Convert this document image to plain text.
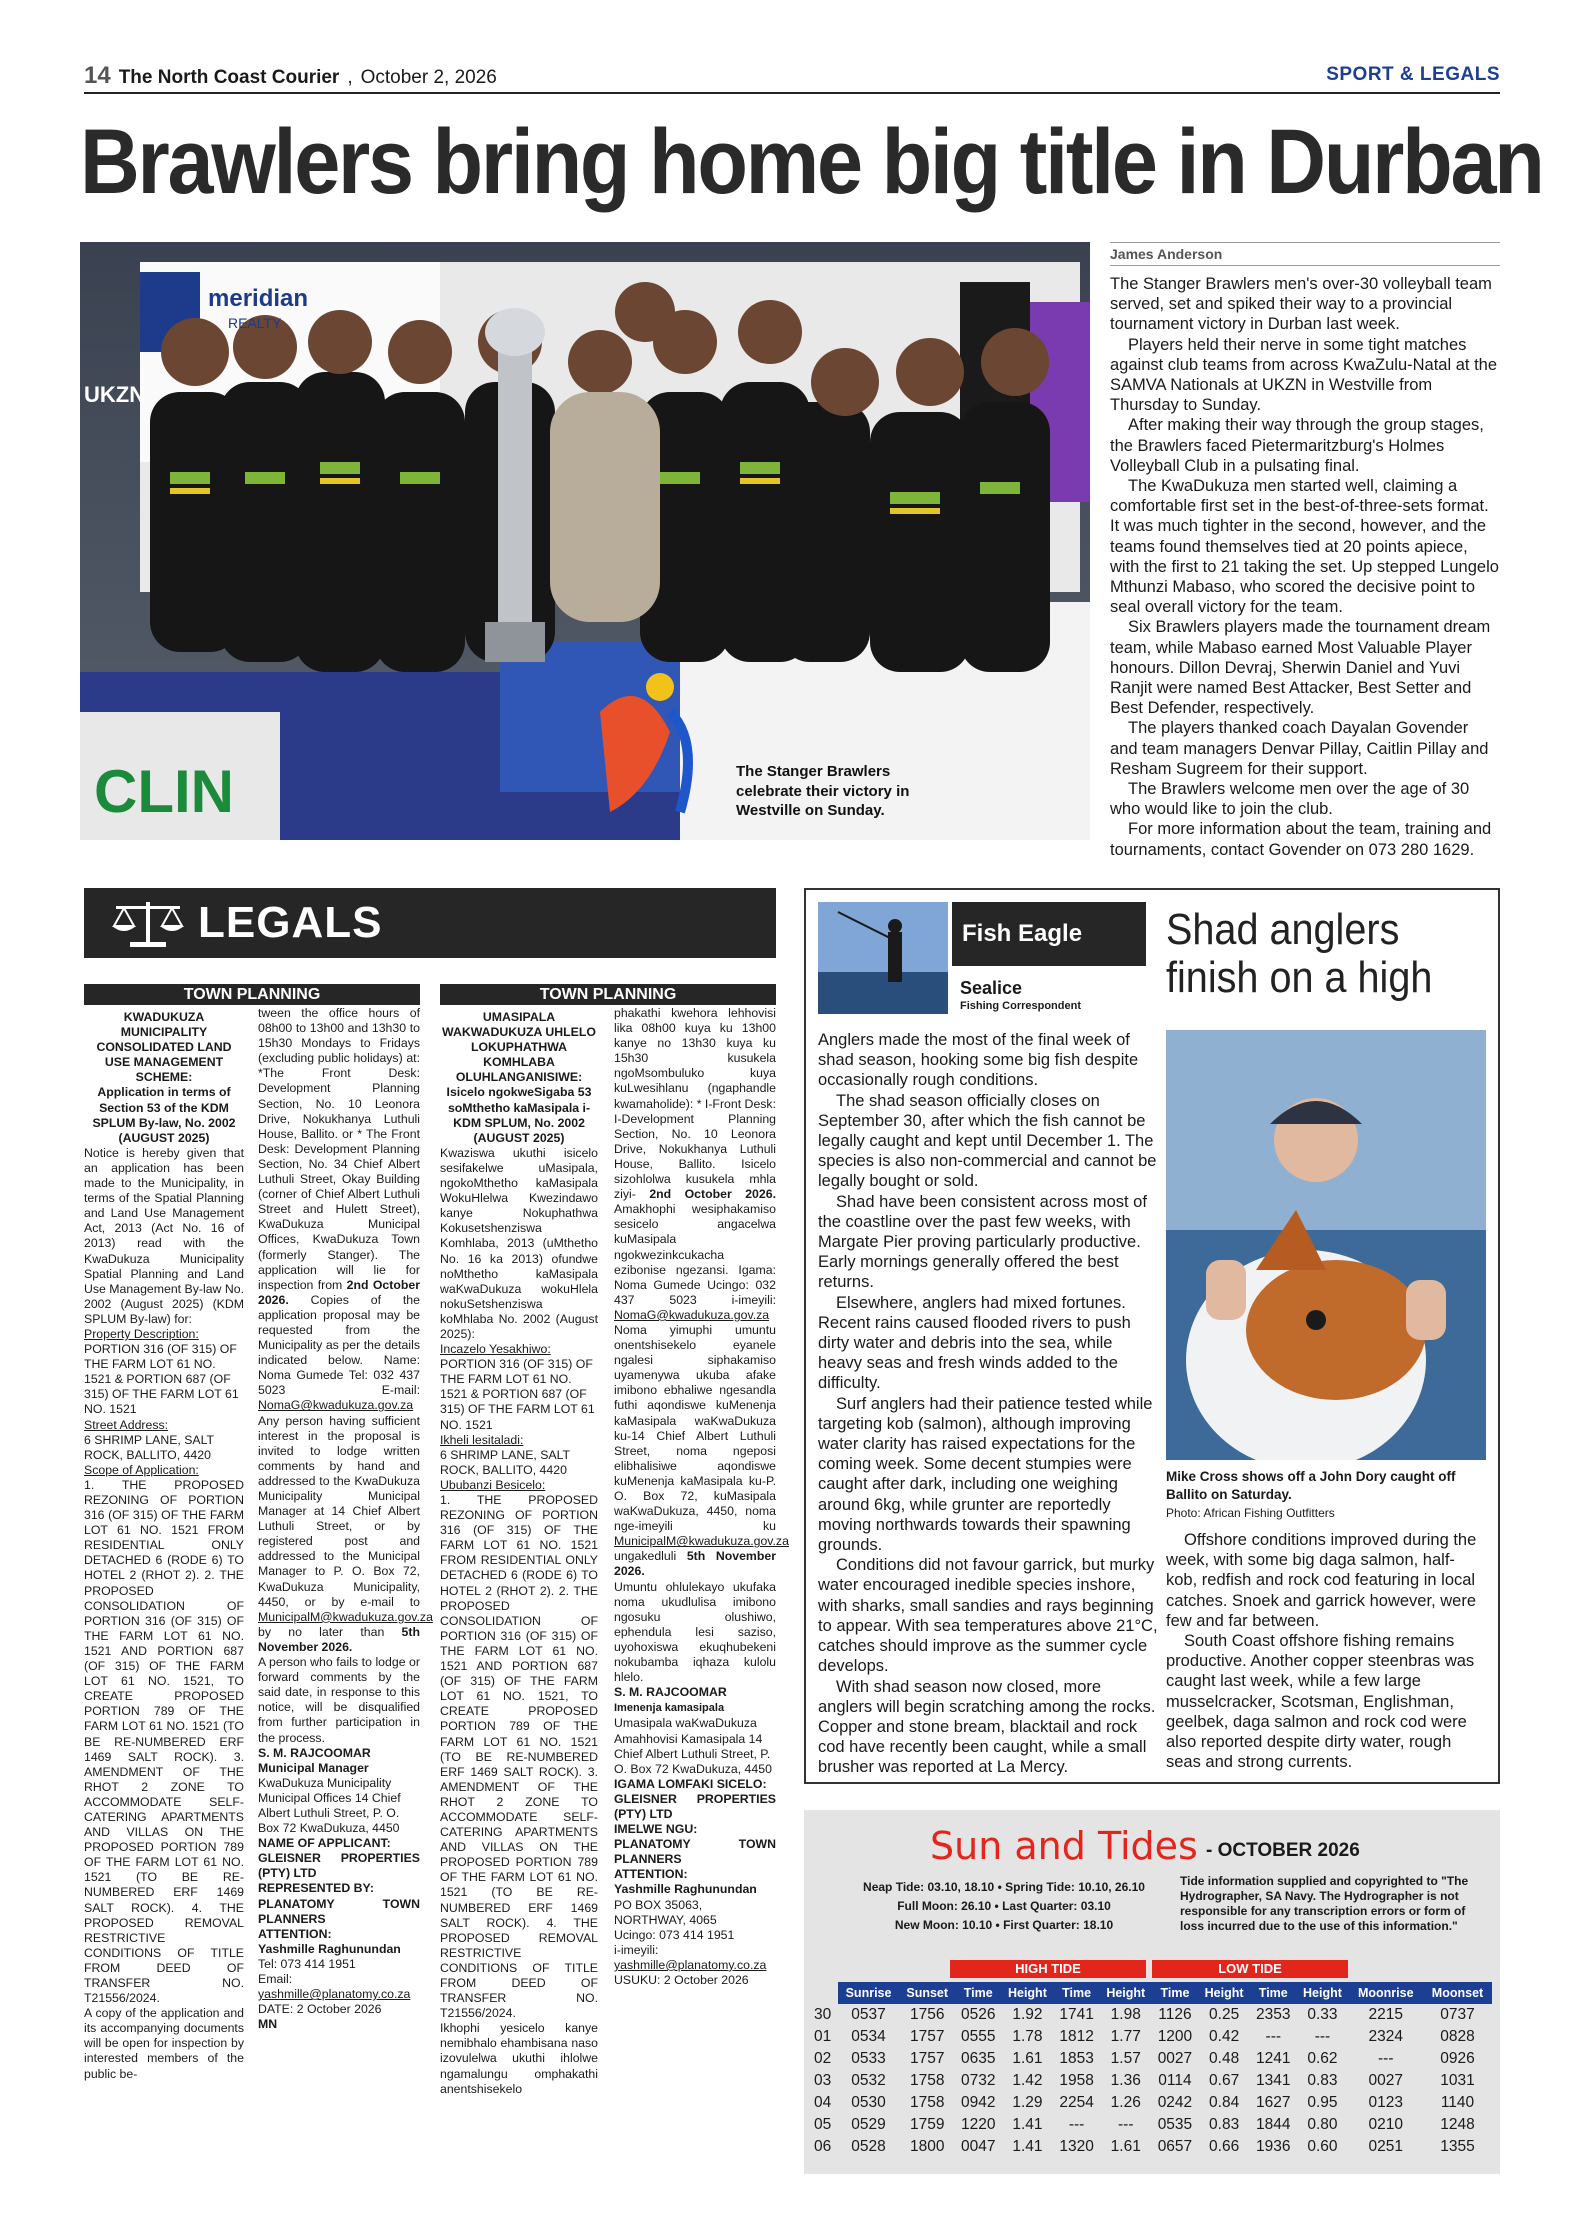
14 The North Coast Courier , October 2, 2026	SPORT & LEGALS
Brawlers bring home big title in Durban
meridian
REALTY
UKZN
CLIN	The Stanger Brawlers celebrate their victory in Westville on Sunday.
James Anderson

The Stanger Brawlers men's over-30 volleyball team served, set and spiked their way to a provincial tournament victory in Durban last week.

Players held their nerve in some tight matches against club teams from across KwaZulu-Natal at the SAMVA Nationals at UKZN in Westville from Thursday to Sunday.

After making their way through the group stages, the Brawlers faced Pietermaritzburg's Holmes Volleyball Club in a pulsating final.

The KwaDukuza men started well, claiming a comfortable first set in the best-of-three-sets format. It was much tighter in the second, however, and the teams found themselves tied at 20 points apiece, with the first to 21 taking the set. Up stepped Lungelo Mthunzi Mabaso, who scored the decisive point to seal overall victory for the team.

Six Brawlers players made the tournament dream team, while Mabaso earned Most Valuable Player honours. Dillon Devraj, Sherwin Daniel and Yuvi Ranjit were named Best Attacker, Best Setter and Best Defender, respectively.

The players thanked coach Dayalan Govender and team managers Denvar Pillay, Caitlin Pillay and Resham Sugreem for their support.

The Brawlers welcome men over the age of 30 who would like to join the club.

For more information about the team, training and tournaments, contact Govender on 073 280 1629.

LEGALS
TOWN PLANNING
KWADUKUZA MUNICIPALITY CONSOLIDATED LAND USE MANAGEMENT SCHEME:
Application in terms of Section 53 of the KDM SPLUM By-law, No. 2002 (AUGUST 2025)
Notice is hereby given that an application has been made to the Municipality, in terms of the Spatial Planning and Land Use Management Act, 2013 (Act No. 16 of 2013) read with the KwaDukuza Municipality Spatial Planning and Land Use Management By-law No. 2002 (August 2025) (KDM SPLUM By-law) for:
Property Description:
PORTION 316 (OF 315) OF THE FARM LOT 61 NO. 1521 & PORTION 687 (OF 315) OF THE FARM LOT 61 NO. 1521
Street Address:
6 SHRIMP LANE, SALT ROCK, BALLITO, 4420
Scope of Application:
1. THE PROPOSED REZONING OF PORTION 316 (OF 315) OF THE FARM LOT 61 NO. 1521 FROM RESIDENTIAL ONLY DETACHED 6 (RODE 6) TO HOTEL 2 (RHOT 2). 2. THE PROPOSED CONSOLIDATION OF PORTION 316 (OF 315) OF THE FARM LOT 61 NO. 1521 AND PORTION 687 (OF 315) OF THE FARM LOT 61 NO. 1521, TO CREATE PROPOSED PORTION 789 OF THE FARM LOT 61 NO. 1521 (TO BE RE-NUMBERED ERF 1469 SALT ROCK). 3. AMENDMENT OF THE RHOT 2 ZONE TO ACCOMMODATE SELF-CATERING APARTMENTS AND VILLAS ON THE PROPOSED PORTION 789 OF THE FARM LOT 61 NO. 1521 (TO BE RE-NUMBERED ERF 1469 SALT ROCK). 4. THE PROPOSED REMOVAL RESTRICTIVE CONDITIONS OF TITLE FROM DEED OF TRANSFER NO. T21556/2024.
A copy of the application and its accompanying documents will be open for inspection by interested members of the public be-
tween the office hours of 08h00 to 13h00 and 13h30 to 15h30 Mondays to Fridays (excluding public holidays) at: *The Front Desk: Development Planning Section, No. 10 Leonora Drive, Nokukhanya Luthuli House, Ballito. or * The Front Desk: Development Planning Section, No. 34 Chief Albert Luthuli Street, Okay Building (corner of Chief Albert Luthuli Street and Hulett Street), KwaDukuza Municipal Offices, KwaDukuza Town (formerly Stanger). The application will lie for inspection from 2nd October 2026. Copies of the application proposal may be requested from the Municipality as per the details indicated below. Name: Noma Gumede Tel: 032 437 5023 E-mail: NomaG@kwadukuza.gov.za Any person having sufficient interest in the proposal is invited to lodge written comments by hand and addressed to the KwaDukuza Municipality Municipal Manager at 14 Chief Albert Luthuli Street, or by registered post and addressed to the Municipal Manager to P. O. Box 72, KwaDukuza Municipality, 4450, or by e-mail to MunicipalM@kwadukuza.gov.za by no later than 5th November 2026.
A person who fails to lodge or forward comments by the said date, in response to this notice, will be disqualified from further participation in the process.
S. M. RAJCOOMAR
Municipal Manager
KwaDukuza Municipality Municipal Offices 14 Chief Albert Luthuli Street, P. O. Box 72 KwaDukuza, 4450
NAME OF APPLICANT:
GLEISNER PROPERTIES (PTY) LTD
REPRESENTED BY:
PLANATOMY TOWN PLANNERS
ATTENTION:
Yashmille Raghunundan
Tel: 073 414 1951
Email: yashmille@planatomy.co.za
DATE: 2 October 2026
MN
TOWN PLANNING
UMASIPALA WAKWADUKUZA UHLELO LOKUPHATHWA KOMHLABA OLUHLANGANISIWE:
Isicelo ngokweSigaba 53 soMthetho kaMasipala i-KDM SPLUM, No. 2002 (AUGUST 2025)
Kwaziswa ukuthi isicelo sesifakelwe uMasipala, ngokoMthetho kaMasipala WokuHlelwa Kwezindawo kanye Nokuphathwa Kokusetshenziswa Komhlaba, 2013 (uMthetho No. 16 ka 2013) ofundwe noMthetho kaMasipala waKwaDukuza wokuHlela nokuSetshenziswa koMhlaba No. 2002 (August 2025):
Incazelo Yesakhiwo:
PORTION 316 (OF 315) OF THE FARM LOT 61 NO. 1521 & PORTION 687 (OF 315) OF THE FARM LOT 61 NO. 1521
Ikheli lesitaladi:
6 SHRIMP LANE, SALT ROCK, BALLITO, 4420
Ububanzi Besicelo:
1. THE PROPOSED REZONING OF PORTION 316 (OF 315) OF THE FARM LOT 61 NO. 1521 FROM RESIDENTIAL ONLY DETACHED 6 (RODE 6) TO HOTEL 2 (RHOT 2). 2. THE PROPOSED CONSOLIDATION OF PORTION 316 (OF 315) OF THE FARM LOT 61 NO. 1521 AND PORTION 687 (OF 315) OF THE FARM LOT 61 NO. 1521, TO CREATE PROPOSED PORTION 789 OF THE FARM LOT 61 NO. 1521 (TO BE RE-NUMBERED ERF 1469 SALT ROCK). 3. AMENDMENT OF THE RHOT 2 ZONE TO ACCOMMODATE SELF-CATERING APARTMENTS AND VILLAS ON THE PROPOSED PORTION 789 OF THE FARM LOT 61 NO. 1521 (TO BE RE-NUMBERED ERF 1469 SALT ROCK). 4. THE PROPOSED REMOVAL RESTRICTIVE CONDITIONS OF TITLE FROM DEED OF TRANSFER NO. T21556/2024.
Ikhophi yesicelo kanye nemibhalo ehambisana naso izovulelwa ukuthi ihlolwe ngamalungu omphakathi anentshisekelo
phakathi kwehora lehhovisi lika 08h00 kuya ku 13h00 kanye no 13h30 kuya ku 15h30 kusukela ngoMsombuluko kuya kuLwesihlanu (ngaphandle kwamaholide): * I-Front Desk: I-Development Planning Section, No. 10 Leonora Drive, Nokukhanya Luthuli House, Ballito. Isicelo sizohlolwa kusukela mhla ziyi- 2nd October 2026. Amakhophi wesiphakamiso sesicelo angacelwa kuMasipala ngokwezinkcukacha ezibonise ngezansi. Igama: Noma Gumede Ucingo: 032 437 5023 i-imeyili: NomaG@kwadukuza.gov.za Noma yimuphi umuntu onentshisekelo eyanele ngalesi siphakamiso uyamenywa ukuba afake imibono ebhaliwe ngesandla futhi aqondiswe kuMenenja kaMasipala waKwaDukuza ku-14 Chief Albert Luthuli Street, noma ngeposi elibhalisiwe aqondiswe kuMenenja kaMasipala ku-P. O. Box 72, kuMasipala waKwaDukuza, 4450, noma nge-imeyili ku MunicipalM@kwadukuza.gov.za ungakedluli 5th November 2026.
Umuntu ohlulekayo ukufaka noma ukudlulisa imibono ngosuku olushiwo, ephendula lesi saziso, uyohoxiswa ekuqhubekeni nokubamba iqhaza kulolu hlelo.
S. M. RAJCOOMAR
Imenenja kamasipala
Umasipala waKwaDukuza Amahhovisi Kamasipala 14 Chief Albert Luthuli Street, P. O. Box 72 KwaDukuza, 4450
IGAMA LOMFAKI SICELO:
GLEISNER PROPERTIES (PTY) LTD
IMELWE NGU:
PLANATOMY TOWN PLANNERS
ATTENTION:
Yashmille Raghunundan
PO BOX 35063, NORTHWAY, 4065
Ucingo: 073 414 1951
i-imeyili: yashmille@planatomy.co.za
USUKU: 2 October 2026
Fish Eagle
Sealice
Fishing Correspondent
Shad anglers finish on a high

Anglers made the most of the final week of shad season, hooking some big fish despite occasionally rough conditions.

The shad season officially closes on September 30, after which the fish cannot be legally caught and kept until December 1. The species is also non-commercial and cannot be legally bought or sold.

Shad have been consistent across most of the coastline over the past few weeks, with Margate Pier proving particularly productive. Early mornings generally offered the best returns.

Elsewhere, anglers had mixed fortunes. Recent rains caused flooded rivers to push dirty water and debris into the sea, while heavy seas and fresh winds added to the difficulty.

Surf anglers had their patience tested while targeting kob (salmon), although improving water clarity has raised expectations for the coming week. Some decent stumpies were caught after dark, including one weighing around 6kg, while grunter are reportedly moving northwards towards their spawning grounds.

Conditions did not favour garrick, but murky water encouraged inedible species inshore, with sharks, small sandies and rays beginning to appear. With sea temperatures above 21°C, catches should improve as the summer cycle develops.

With shad season now closed, more anglers will begin scratching among the rocks. Copper and stone bream, blacktail and rock cod have recently been caught, while a small brusher was reported at La Mercy.

Mike Cross shows off a John Dory caught off Ballito on Saturday.
Photo: African Fishing Outfitters

Offshore conditions improved during the week, with some big daga salmon, half-kob, redfish and rock cod featuring in local catches. Snoek and garrick however, were few and far between.

South Coast offshore fishing remains productive. Another copper steenbras was caught last week, while a few large musselcracker, Scotsman, Englishman, geelbek, daga salmon and rock cod were also reported despite dirty water, rough seas and strong currents.

Sun and Tides - OCTOBER 2026
Neap Tide: 03.10, 18.10 • Spring Tide: 10.10, 26.10
Full Moon: 26.10 • Last Quarter: 03.10
New Moon: 10.10 • First Quarter: 18.10
Tide information supplied and copyrighted to "The Hydrographer, SA Navy. The Hydrographer is not responsible for any transcription errors or form of loss incurred due to the use of this information."
HIGH TIDE	LOW TIDE
	Sunrise	Sunset	Time	Height	Time	Height	Time	Height	Time	Height	Moonrise	Moonset
30	0537	1756	0526	1.92	1741	1.98	1126	0.25	2353	0.33	2215	0737
01	0534	1757	0555	1.78	1812	1.77	1200	0.42	---	---	2324	0828
02	0533	1757	0635	1.61	1853	1.57	0027	0.48	1241	0.62	---	0926
03	0532	1758	0732	1.42	1958	1.36	0114	0.67	1341	0.83	0027	1031
04	0530	1758	0942	1.29	2254	1.26	0242	0.84	1627	0.95	0123	1140
05	0529	1759	1220	1.41	---	---	0535	0.83	1844	0.80	0210	1248
06	0528	1800	0047	1.41	1320	1.61	0657	0.66	1936	0.60	0251	1355
